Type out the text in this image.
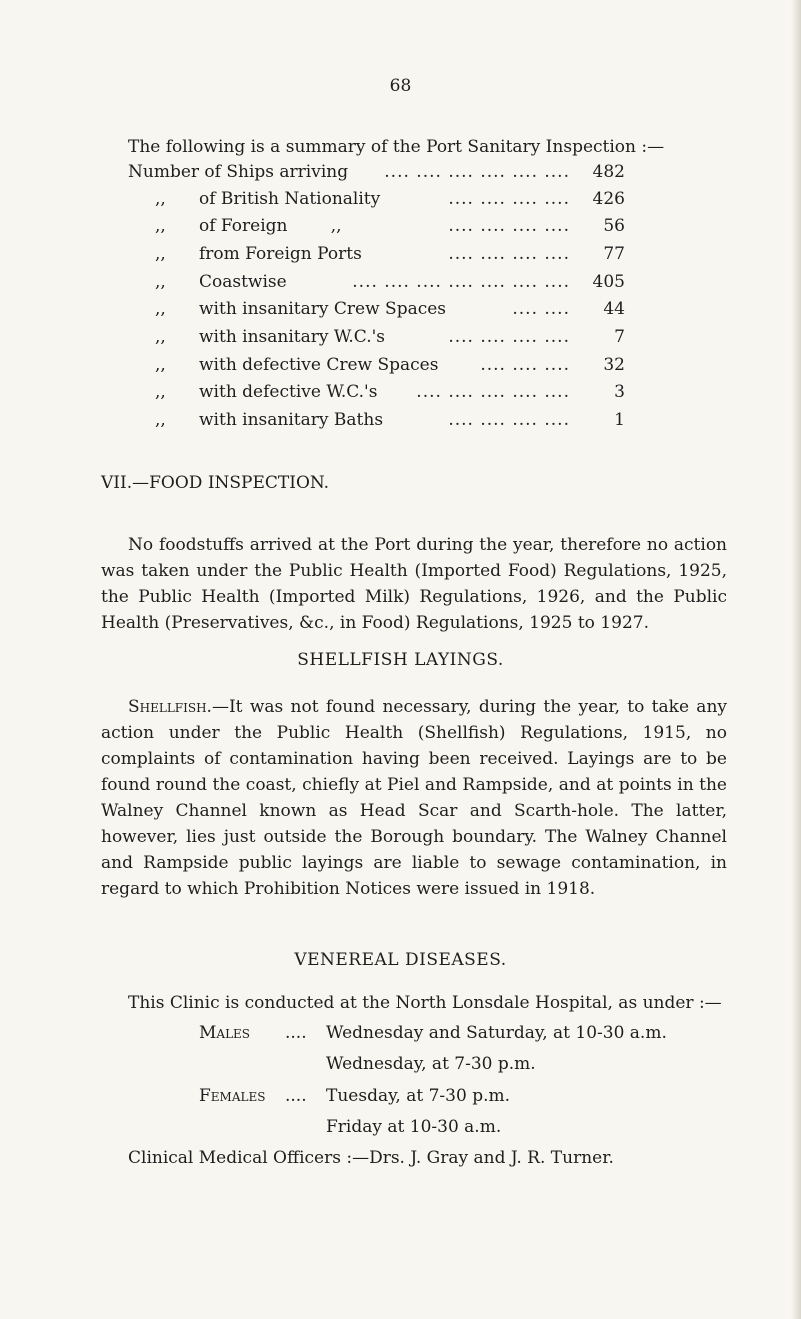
68
The following is a summary of the Port Sanitary Inspection :—
Number of Ships arriving	.... .... .... .... .... ....	482
,, of British Nationality	.... .... .... ....	426
,, of Foreign        ,,	.... .... .... ....	56
,, from Foreign Ports	.... .... .... ....	77
,, Coastwise	.... .... .... .... .... .... ....	405
,, with insanitary Crew Spaces	.... ....	44
,, with insanitary W.C.'s	.... .... .... ....	7
,, with defective Crew Spaces	.... .... ....	32
,, with defective W.C.'s	.... .... .... .... ....	3
,, with insanitary Baths	.... .... .... ....	1
VII.—FOOD INSPECTION.
No foodstuffs arrived at the Port during the year, therefore no action was taken under the Public Health (Imported Food) Regulations, 1925, the Public Health (Imported Milk) Regulations, 1926, and the Public Health (Preservatives, &c., in Food) Regulations, 1925 to 1927.
SHELLFISH LAYINGS.
Shellfish.—It was not found necessary, during the year, to take any action under the Public Health (Shellfish) Regulations, 1915, no complaints of contamination having been received. Layings are to be found round the coast, chiefly at Piel and Rampside, and at points in the Walney Channel known as Head Scar and Scarth-hole. The latter, however, lies just outside the Borough boundary. The Walney Channel and Rampside public layings are liable to sewage contamination, in regard to which Prohibition Notices were issued in 1918.
VENEREAL DISEASES.
This Clinic is conducted at the North Lonsdale Hospital, as under :—
Males .... Wednesday and Saturday, at 10-30 a.m.
Wednesday, at 7-30 p.m.
Females .... Tuesday, at 7-30 p.m.
Friday at 10-30 a.m.
Clinical Medical Officers :—Drs. J. Gray and J. R. Turner.
